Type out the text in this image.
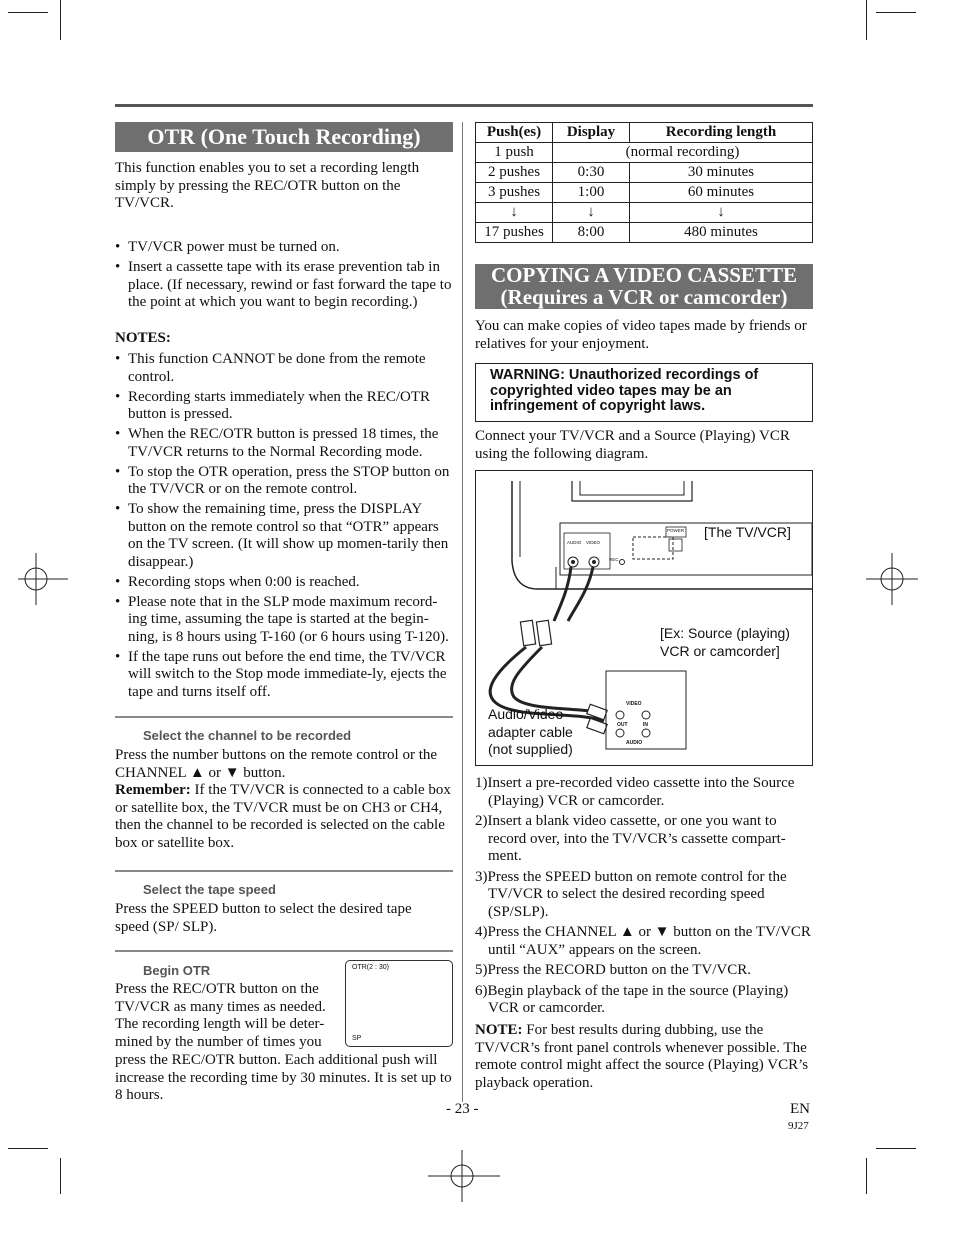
OTR (One Touch Recording)
This function enables you to set a recording length simply by pressing the REC/OTR button on the TV/VCR.
• TV/VCR power must be turned on.
• Insert a cassette tape with its erase prevention tab in place. (If necessary, rewind or fast forward the tape to the point at which you want to begin recording.)
NOTES:
• This function CANNOT be done from the remote control.
• Recording starts immediately when the REC/OTR button is pressed.
• When the REC/OTR button is pressed 18 times, the TV/VCR returns to the Normal Recording mode.
• To stop the OTR operation, press the STOP button on the TV/VCR or on the remote control.
• To show the remaining time, press the DISPLAY button on the remote control so that “OTR” appears on the TV screen. (It will show up momen-tarily then disappear.)
• Recording stops when 0:00 is reached.
• Please note that in the SLP mode maximum record-ing time, assuming the tape is started at the begin-ning, is 8 hours using T-160 (or 6 hours using T-120).
• If the tape runs out before the end time, the TV/VCR will switch to the Stop mode immediate-ly, ejects the tape and turns itself off.
Select the channel to be recorded
Press the number buttons on the remote control or the CHANNEL ▲ or ▼ button.
Remember: If the TV/VCR is connected to a cable box or satellite box, the TV/VCR must be on CH3 or CH4, then the channel to be recorded is selected on the cable box or satellite box.
Select the tape speed
Press the SPEED button to select the desired tape speed (SP/ SLP).
Begin OTR
Press the REC/OTR button on the TV/VCR as many times as needed. The recording length will be deter-mined by the number of times you
press the REC/OTR button. Each additional push will increase the recording time by 30 minutes. It is set up to 8 hours.
OTR(2 : 30)
SP
Push(es)	Display	Recording length
1 push	(normal recording)	
2 pushes	0:30	30 minutes
3 pushes	1:00	60 minutes
↓	↓	↓
17 pushes	8:00	480 minutes
COPYING A VIDEO CASSETTE
(Requires a VCR or camcorder)
You can make copies of video tapes made by friends or relatives for your enjoyment.
WARNING: Unauthorized recordings of copyrighted video tapes may be an infringement of copyright laws.
Connect your TV/VCR and a Source (Playing) VCR using the following diagram.
AUDIO VIDEO
REC
POWER
VIDEO
OUT	IN
AUDIO
[The TV/VCR]
[Ex: Source (playing) VCR or camcorder]
Audio/Video adapter cable (not supplied)
1)Insert a pre-recorded video cassette into the Source (Playing) VCR or camcorder.
2)Insert a blank video cassette, or one you want to record over, into the TV/VCR’s cassette compart-ment.
3)Press the SPEED button on remote control for the TV/VCR to select the desired recording speed (SP/SLP).
4)Press the CHANNEL ▲ or ▼ button on the TV/VCR until “AUX” appears on the screen.
5)Press the RECORD button on the TV/VCR.
6)Begin playback of the tape in the source (Playing) VCR or camcorder.
NOTE: For best results during dubbing, use the TV/VCR’s front panel controls whenever possible. The remote control might affect the source (Playing) VCR’s playback operation.
- 23 -	EN
9J27
